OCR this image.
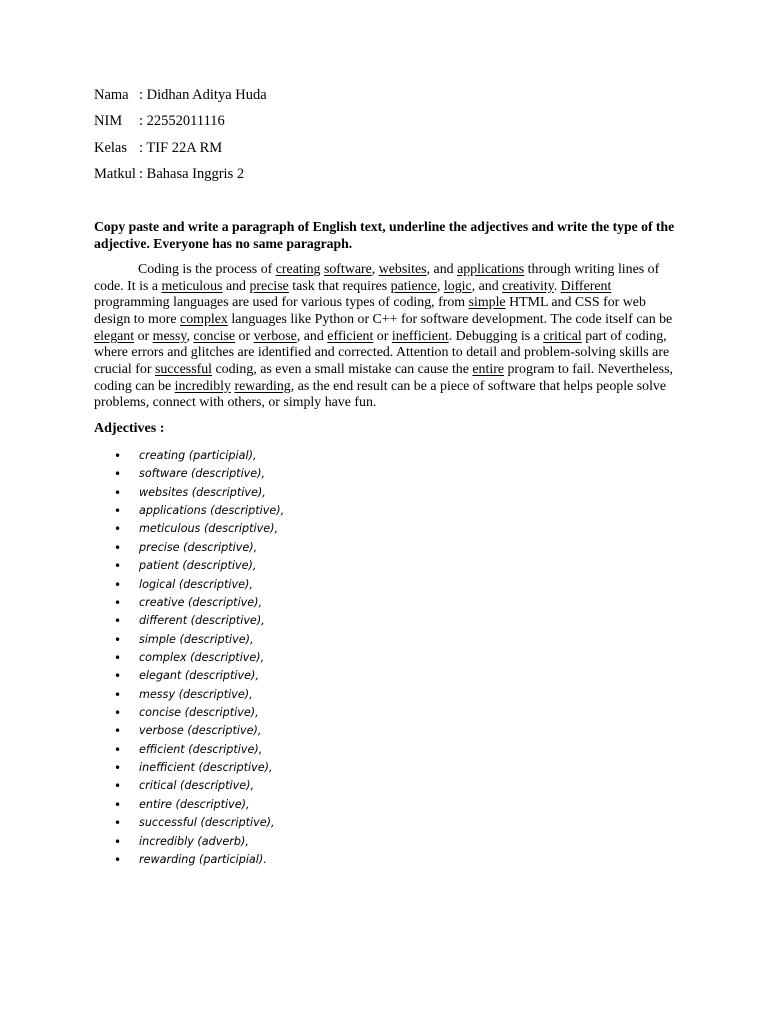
Nama : Didhan Aditya Huda
NIM : 22552011116
Kelas : TIF 22A RM
Matkul : Bahasa Inggris 2
Copy paste and write a paragraph of English text, underline the adjectives and write the type of the adjective. Everyone has no same paragraph.

Coding is the process of creating software, websites, and applications through writing lines of code. It is a meticulous and precise task that requires patience, logic, and creativity. Different programming languages are used for various types of coding, from simple HTML and CSS for web design to more complex languages like Python or C++ for software development. The code itself can be elegant or messy, concise or verbose, and efficient or inefficient. Debugging is a critical part of coding, where errors and glitches are identified and corrected. Attention to detail and problem-solving skills are crucial for successful coding, as even a small mistake can cause the entire program to fail. Nevertheless, coding can be incredibly rewarding, as the end result can be a piece of software that helps people solve problems, connect with others, or simply have fun.

Adjectives :
• creating (participial),
• software (descriptive),
• websites (descriptive),
• applications (descriptive),
• meticulous (descriptive),
• precise (descriptive),
• patient (descriptive),
• logical (descriptive),
• creative (descriptive),
• different (descriptive),
• simple (descriptive),
• complex (descriptive),
• elegant (descriptive),
• messy (descriptive),
• concise (descriptive),
• verbose (descriptive),
• efficient (descriptive),
• inefficient (descriptive),
• critical (descriptive),
• entire (descriptive),
• successful (descriptive),
• incredibly (adverb),
• rewarding (participial).
